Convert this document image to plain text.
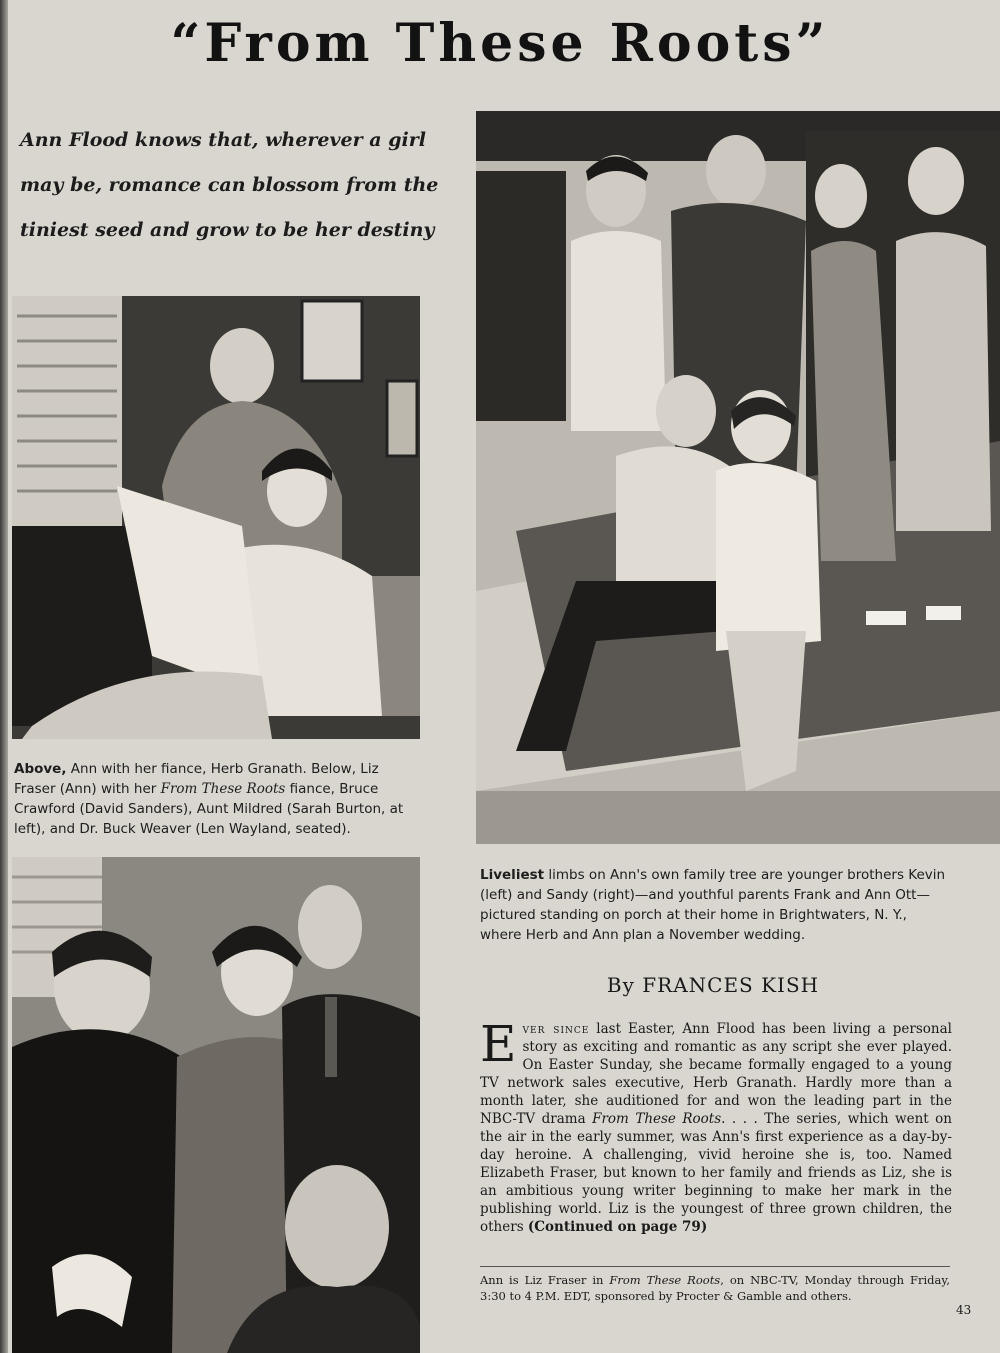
“From These Roots”
Ann Flood knows that, wherever a girl
may be, romance can blossom from the
tiniest seed and grow to be her destiny
Above, Ann with her fiance, Herb Granath. Below, Liz Fraser (Ann) with her From These Roots fiance, Bruce Crawford (David Sanders), Aunt Mildred (Sarah Burton, at left), and Dr. Buck Weaver (Len Wayland, seated).
Liveliest limbs on Ann's own family tree are younger brothers Kevin (left) and Sandy (right)—and youthful parents Frank and Ann Ott—pictured standing on porch at their home in Brightwaters, N. Y., where Herb and Ann plan a November wedding.
By FRANCES KISH
Ever since last Easter, Ann Flood has been living a personal story as exciting and romantic as any script she ever played. On Easter Sunday, she became formally engaged to a young TV network sales executive, Herb Granath. Hardly more than a month later, she auditioned for and won the leading part in the NBC-TV drama From These Roots. . . . The series, which went on the air in the early summer, was Ann's first experience as a day-by-day heroine. A challenging, vivid heroine she is, too. Named Elizabeth Fraser, but known to her family and friends as Liz, she is an ambitious young writer beginning to make her mark in the publishing world. Liz is the youngest of three grown children, the others (Continued on page 79)
Ann is Liz Fraser in From These Roots, on NBC-TV, Monday through Friday, 3:30 to 4 P.M. EDT, sponsored by Procter & Gamble and others.
43
